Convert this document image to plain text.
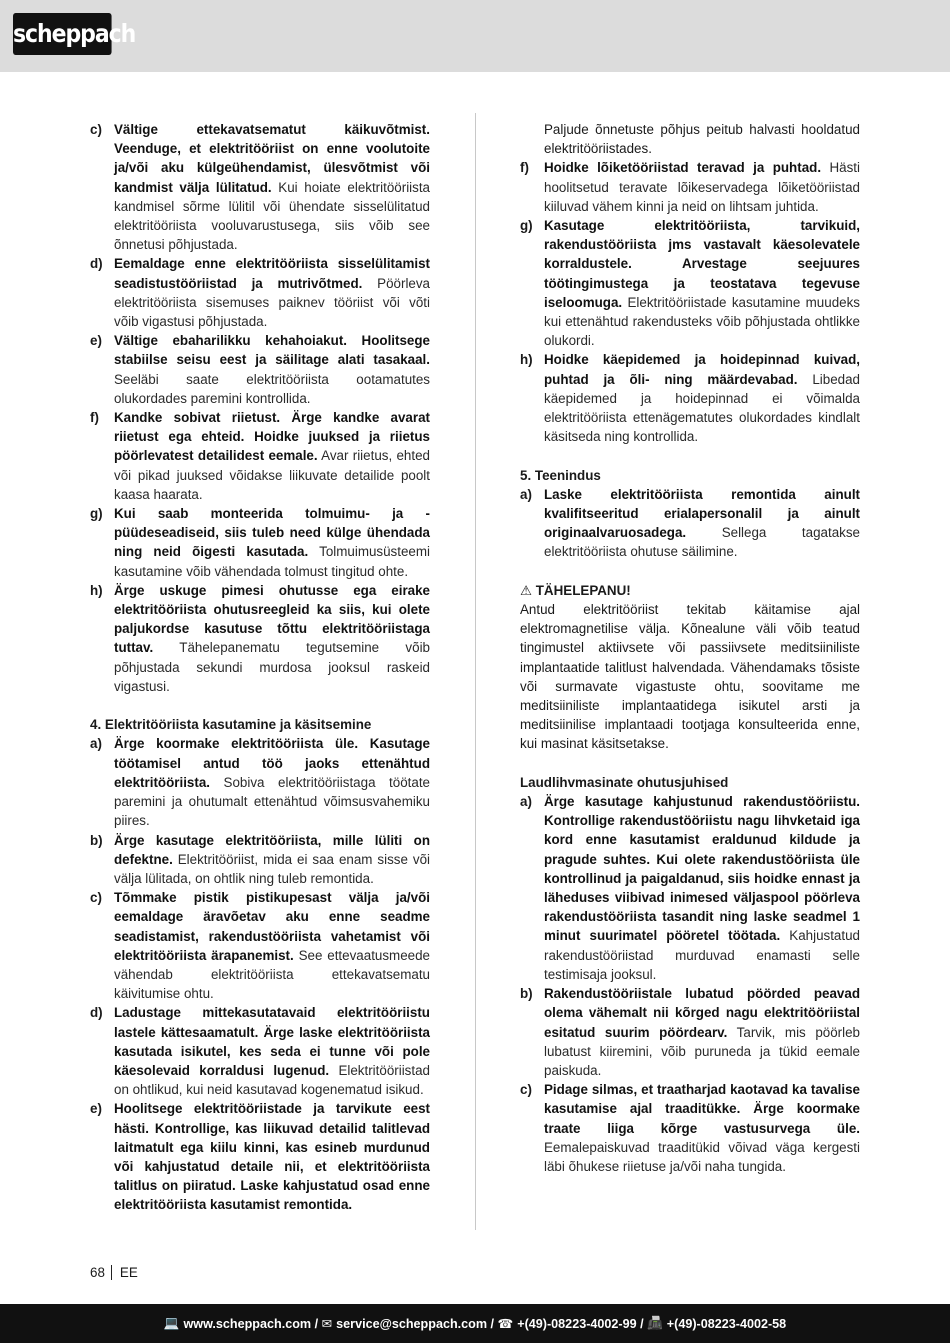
scheppach
c) Vältige ettekavatsematut käikuvõtmist. Veenduge, et elektritööriist on enne voolutoite ja/või aku külgeühendamist, ülesvõtmist või kandmist välja lülitatud. Kui hoiate elektritööriista kandmisel sõrme lülitil või ühendate sisselülitatud elektritööriista vooluvarustusega, siis võib see õnnetusi põhjustada.
d) Eemaldage enne elektritööriista sisselülitamist seadistustööriistad ja mutrivõtmed. Pöörleva elektritööriista sisemuses paiknev tööriist või võti võib vigastusi põhjustada.
e) Vältige ebaharilikku kehahoiakut. Hoolitsege stabiilse seisu eest ja säilitage alati tasakaal. Seeläbi saate elektritööriista ootamatutes olukordades paremini kontrollida.
f)	Kandke sobivat riietust. Ärge kandke avarat riietust ega ehteid. Hoidke juuksed ja riietus pöörlevatest detailidest eemale. Avar riietus, ehted või pikad juuksed võidakse liikuvate detailide poolt kaasa haarata.
g) Kui saab monteerida tolmuimu- ja -püüdeseadiseid, siis tuleb need külge ühendada ning neid õigesti kasutada. Tolmuimusüsteemi kasutamine võib vähendada tolmust tingitud ohte.
h) Ärge uskuge pimesi ohutusse ega eirake elektritööriista ohutusreegleid ka siis, kui olete paljukordse kasutuse tõttu elektritööriistaga tuttav. Tähelepanematu tegutsemine võib põhjustada sekundi murdosa jooksul raskeid vigastusi.
4. Elektritööriista kasutamine ja käsitsemine
a) Ärge koormake elektritööriista üle. Kasutage töötamisel antud töö jaoks ettenähtud elektritööriista. Sobiva elektritööriistaga töötate paremini ja ohutumalt ettenähtud võimsusvahemiku piires.
b) Ärge kasutage elektritööriista, mille lüliti on defektne. Elektritööriist, mida ei saa enam sisse või välja lülitada, on ohtlik ning tuleb remontida.
c) Tõmmake pistik pistikupesast välja ja/või eemaldage äravõetav aku enne seadme seadistamist, rakendustööriista vahetamist või elektritööriista ärapanemist. See ettevaatusmeede vähendab elektritööriista ettekavatsematu käivitumise ohtu.
d) Ladustage mittekasutatavaid elektritööriistu lastele kättesaamatult. Ärge laske elektritööriista kasutada isikutel, kes seda ei tunne või pole käesolevaid korraldusi lugenud. Elektritööriistad on ohtlikud, kui neid kasutavad kogenematud isikud.
e) Hoolitsege elektritööriistade ja tarvikute eest hästi. Kontrollige, kas liikuvad detailid talitlevad laitmatult ega kiilu kinni, kas esineb murdunud või kahjustatud detaile nii, et elektritööriista talitlus on piiratud. Laske kahjustatud osad enne elektritööriista kasutamist remontida.
Paljude õnnetuste põhjus peitub halvasti hooldatud elektritööriistades.
f)	Hoidke lõiketööriistad teravad ja puhtad. Hästi hoolitsetud teravate lõikeservadega lõiketööriistad kiiluvad vähem kinni ja neid on lihtsam juhtida.
g) Kasutage elektritööriista, tarvikuid, rakendustööriista jms vastavalt käesolevatele korraldustele. Arvestage seejuures töötingimustega ja teostatava tegevuse iseloomuga. Elektritööriistade kasutamine muudeks kui ettenähtud rakendusteks võib põhjustada ohtlikke olukordi.
h) Hoidke käepidemed ja hoidepinnad kuivad, puhtad ja õli- ning määrdevabad. Libedad käepidemed ja hoidepinnad ei võimalda elektritööriista ettenägematutes olukordades kindlalt käsitseda ning kontrollida.
5. Teenindus
a) Laske elektritööriista remontida ainult kvalifitseeritud erialapersonalil ja ainult originaalvaruosadega. Sellega tagatakse elektritööriista ohutuse säilimine.
⚠ TÄHELEPANU!
Antud elektritööriist tekitab käitamise ajal elektromagnetilise välja. Kõnealune väli võib teatud tingimustel aktiivsete või passiivsete meditsiiniliste implantaatide talitlust halvendada. Vähendamaks tõsiste või surmavate vigastuste ohtu, soovitame me meditsiiniliste implantaatidega isikutel arsti ja meditsiinilise implantaadi tootjaga konsulteerida enne, kui masinat käsitsetakse.
Laudlihvmasinate ohutusjuhised
a) Ärge kasutage kahjustunud rakendustööriistu. Kontrollige rakendustööriistu nagu lihvketaid iga kord enne kasutamist eraldunud kildude ja pragude suhtes. Kui olete rakendustööriista üle kontrollinud ja paigaldanud, siis hoidke ennast ja läheduses viibivad inimesed väljaspool pöörleva rakendustööriista tasandit ning laske seadmel 1 minut suurimatel pööretel töötada. Kahjustatud rakendustööriistad murduvad enamasti selle testimisaja jooksul.
b) Rakendustööriistale lubatud pöörded peavad olema vähemalt nii kõrged nagu elektritööriistal esitatud suurim pöördearv. Tarvik, mis pöörleb lubatust kiiremini, võib puruneda ja tükid eemale paiskuda.
c) Pidage silmas, et traatharjad kaotavad ka tavalise kasutamise ajal traaditükke. Ärge koormake traate liiga kõrge vastusurvega üle. Eemalepaiskuvad traaditükid võivad väga kergesti läbi õhukese riietuse ja/või naha tungida.
68 EE
💻 www.scheppach.com /
✉ service@scheppach.com /
☎ +(49)-08223-4002-99 /
📠 +(49)-08223-4002-58
